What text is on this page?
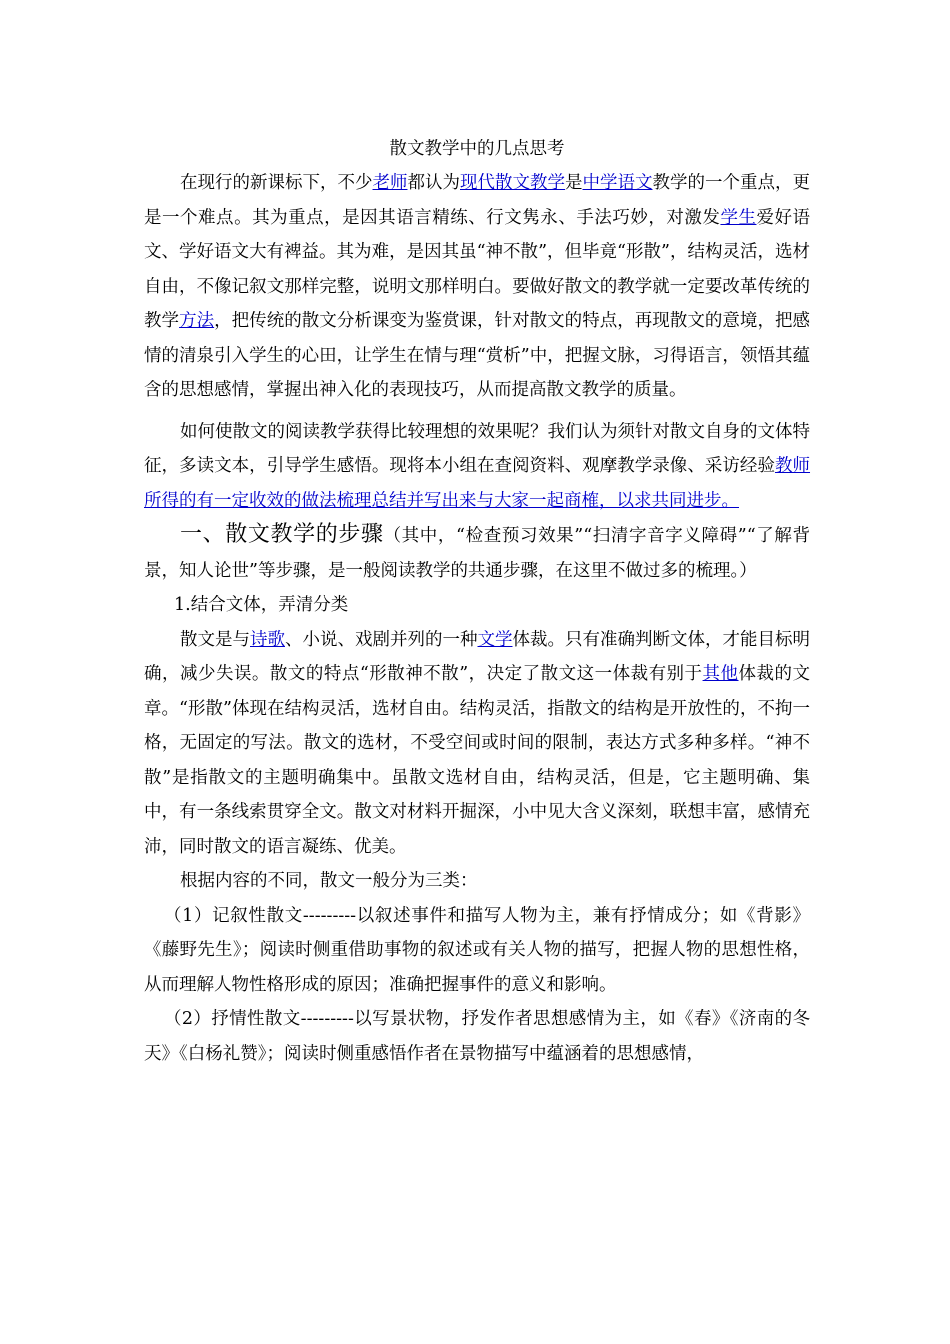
散文教学中的几点思考

在现行的新课标下，不少老师都认为现代散文教学是中学语文教学的一个重点，更是一个难点。其为重点，是因其语言精练、行文隽永、手法巧妙，对激发学生爱好语文、学好语文大有裨益。其为难，是因其虽“神不散”，但毕竟“形散”，结构灵活，选材自由，不像记叙文那样完整，说明文那样明白。要做好散文的教学就一定要改革传统的教学方法，把传统的散文分析课变为鉴赏课，针对散文的特点，再现散文的意境，把感情的清泉引入学生的心田，让学生在情与理“赏析”中，把握文脉，习得语言，领悟其蕴含的思想感情，掌握出神入化的表现技巧，从而提高散文教学的质量。

如何使散文的阅读教学获得比较理想的效果呢？我们认为须针对散文自身的文体特征，多读文本，引导学生感悟。现将本小组在查阅资料、观摩教学录像、采访经验教师所得的有一定收效的做法梳理总结并写出来与大家一起商榷，以求共同进步。

一、散文教学的步骤（其中，“检查预习效果”“扫清字音字义障碍”“了解背景，知人论世”等步骤，是一般阅读教学的共通步骤，在这里不做过多的梳理。）

1.结合文体，弄清分类

散文是与诗歌、小说、戏剧并列的一种文学体裁。只有准确判断文体，才能目标明确，减少失误。散文的特点“形散神不散”，决定了散文这一体裁有别于其他体裁的文章。“形散”体现在结构灵活，选材自由。结构灵活，指散文的结构是开放性的，不拘一格，无固定的写法。散文的选材，不受空间或时间的限制，表达方式多种多样。“神不散”是指散文的主题明确集中。虽散文选材自由，结构灵活，但是，它主题明确、集中，有一条线索贯穿全文。散文对材料开掘深，小中见大含义深刻，联想丰富，感情充沛，同时散文的语言凝练、优美。

根据内容的不同，散文一般分为三类：

（1）记叙性散文---------以叙述事件和描写人物为主，兼有抒情成分；如《背影》《藤野先生》；阅读时侧重借助事物的叙述或有关人物的描写，把握人物的思想性格，从而理解人物性格形成的原因；准确把握事件的意义和影响。

（2）抒情性散文---------以写景状物，抒发作者思想感情为主，如《春》《济南的冬天》《白杨礼赞》；阅读时侧重感悟作者在景物描写中蕴涵着的思想感情，
